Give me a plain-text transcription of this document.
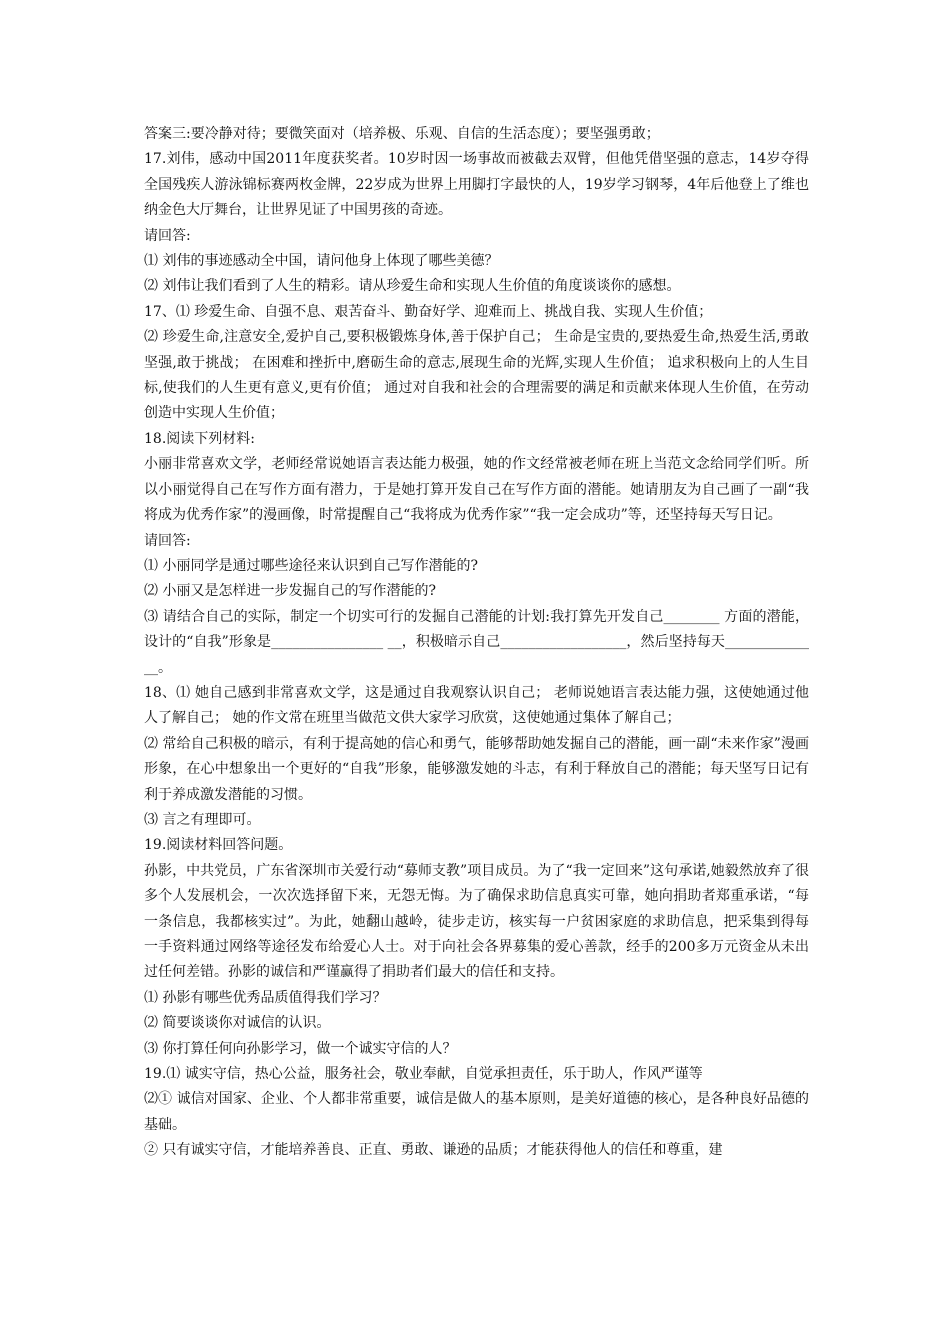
答案三:要冷静对待；要微笑面对（培养极、乐观、自信的生活态度）；要坚强勇敢；

17.刘伟，感动中国2011年度获奖者。10岁时因一场事故而被截去双臂，但他凭借坚强的意志，14岁夺得全国残疾人游泳锦标赛两枚金牌，22岁成为世界上用脚打字最快的人，19岁学习钢琴，4年后他登上了维也纳金色大厅舞台，让世界见证了中国男孩的奇迹。

请回答:

⑴ 刘伟的事迹感动全中国，请问他身上体现了哪些美德？

⑵ 刘伟让我们看到了人生的精彩。请从珍爱生命和实现人生价值的角度谈谈你的感想。

17、⑴ 珍爱生命、自强不息、艰苦奋斗、勤奋好学、迎难而上、挑战自我、实现人生价值；

⑵ 珍爱生命,注意安全,爱护自己,要积极锻炼身体,善于保护自己； 生命是宝贵的,要热爱生命,热爱生活,勇敢坚强,敢于挑战； 在困难和挫折中,磨砺生命的意志,展现生命的光辉,实现人生价值； 追求积极向上的人生目标,使我们的人生更有意义,更有价值； 通过对自我和社会的合理需要的满足和贡献来体现人生价值，在劳动创造中实现人生价值；

18.阅读下列材料:

小丽非常喜欢文学，老师经常说她语言表达能力极强，她的作文经常被老师在班上当范文念给同学们听。所以小丽觉得自己在写作方面有潜力，于是她打算开发自己在写作方面的潜能。她请朋友为自己画了一副“我将成为优秀作家”的漫画像，时常提醒自己“我将成为优秀作家”“我一定会成功”等，还坚持每天写日记。

请回答:

⑴ 小丽同学是通过哪些途径来认识到自己写作潜能的?

⑵ 小丽又是怎样进一步发掘自己的写作潜能的?

⑶ 请结合自己的实际，制定一个切实可行的发掘自己潜能的计划:我打算先开发自己________ 方面的潜能，设计的“自我”形象是________________ __，积极暗示自己__________________，然后坚持每天______________。

18、⑴ 她自己感到非常喜欢文学，这是通过自我观察认识自己； 老师说她语言表达能力强，这使她通过他人了解自己； 她的作文常在班里当做范文供大家学习欣赏，这使她通过集体了解自己；

⑵ 常给自己积极的暗示，有利于提高她的信心和勇气，能够帮助她发掘自己的潜能，画一副“未来作家”漫画形象，在心中想象出一个更好的“自我”形象，能够激发她的斗志，有利于释放自己的潜能；每天坚写日记有利于养成激发潜能的习惯。

⑶ 言之有理即可。

19.阅读材料回答问题。

孙影，中共党员，广东省深圳市关爱行动“募师支教”项目成员。为了“我一定回来”这句承诺,她毅然放弃了很多个人发展机会，一次次选择留下来，无怨无悔。为了确保求助信息真实可靠，她向捐助者郑重承诺，“每一条信息，我都核实过”。为此，她翻山越岭，徒步走访，核实每一户贫困家庭的求助信息，把采集到得每一手资料通过网络等途径发布给爱心人士。对于向社会各界募集的爱心善款，经手的200多万元资金从未出过任何差错。孙影的诚信和严谨赢得了捐助者们最大的信任和支持。

⑴ 孙影有哪些优秀品质值得我们学习？

⑵ 简要谈谈你对诚信的认识。

⑶ 你打算任何向孙影学习，做一个诚实守信的人？

19.⑴ 诚实守信，热心公益，服务社会，敬业奉献，自觉承担责任，乐于助人，作风严谨等

⑵① 诚信对国家、企业、个人都非常重要，诚信是做人的基本原则，是美好道德的核心，是各种良好品德的基础。

② 只有诚实守信，才能培养善良、正直、勇敢、谦逊的品质；才能获得他人的信任和尊重，建
